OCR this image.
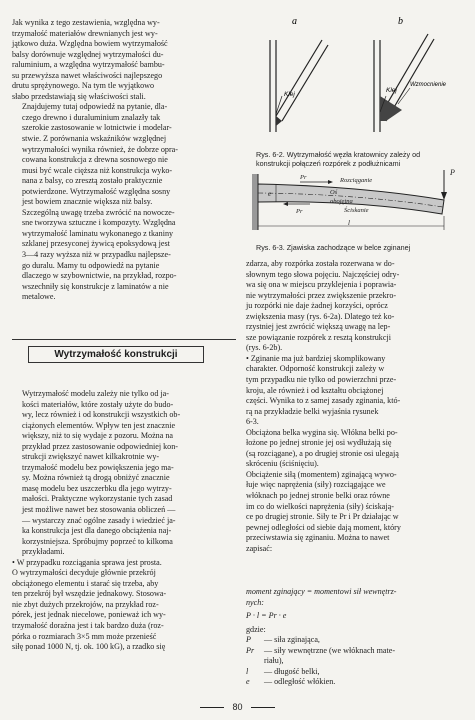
Jak wynika z tego zestawienia, względna wy-
trzymałość materiałów drewnianych jest wy-
jątkowo duża. Względna bowiem wytrzymałość
balsy dorównuje względnej wytrzymałości du-
raluminium, a względna wytrzymałość bambu-
su przewyższa nawet właściwości najlepszego
drutu sprężynowego. Na tym tle wyjątkowo
słabo przedstawiają się właściwości stali.

Znajdujemy tutaj odpowiedź na pytanie, dla-
czego drewno i duraluminium znalazły tak
szerokie zastosowanie w lotnictwie i modelar-
stwie. Z porównania wskaźników względnej
wytrzymałości wynika również, że dobrze opra-
cowana konstrukcja z drewna sosnowego nie
musi być wcale cięższa niż konstrukcja wyko-
nana z balsy, co zresztą zostało praktycznie
potwierdzone. Wytrzymałość względna sosny
jest bowiem znacznie większa niż balsy.

Szczególną uwagę trzeba zwrócić na nowocze-
sne tworzywa sztuczne i kompozyty. Względna
wytrzymałość laminatu wykonanego z tkaniny
szklanej przesyconej żywicą epoksydową jest
3—4 razy wyższa niż w przypadku najlepsze-
go duralu. Mamy tu odpowiedź na pytanie
dlaczego w szybownictwie, na przykład, rozpo-
wszechniły się konstrukcje z laminatów a nie
metalowe.

Wytrzymałość konstrukcji

Wytrzymałość modelu zależy nie tylko od ja-
kości materiałów, które zostały użyte do budo-
wy, lecz również i od konstrukcji wszystkich ob-
ciążonych elementów. Wpływ ten jest znacznie
większy, niż to się wydaje z pozoru. Można na
przykład przez zastosowanie odpowiedniej kon-
strukcji zwiększyć nawet kilkakrotnie wy-
trzymałość modelu bez powiększenia jego ma-
sy. Można również tą drogą obniżyć znacznie
masę modelu bez uszczerbku dla jego wytrzy-
małości. Praktyczne wykorzystanie tych zasad
jest możliwe nawet bez stosowania obliczeń —
— wystarczy znać ogólne zasady i wiedzieć ja-
ka konstrukcja jest dla danego obciążenia naj-
korzystniejsza. Spróbujmy poprzeć to kilkoma
przykładami.

• W przypadku rozciągania sprawa jest prosta.
O wytrzymałości decyduje głównie przekrój
obciążonego elementu i starać się trzeba, aby
ten przekrój był wszędzie jednakowy. Stosowa-
nie zbyt dużych przekrojów, na przykład roz-
pórek, jest jednak niecelowe, ponieważ ich wy-
trzymałość doraźna jest i tak bardzo duża (roz-
pórka o rozmiarach 3×5 mm może przenieść
siłę ponad 1000 N, tj. ok. 100 kG), a rzadko się

a
Klej
b
Klej
Wzmocnienie
Rys. 6-2. Wytrzymałość węzła kratownicy zależy od
konstrukcji połączeń rozpórek z podłużnicami
Rozciąganie
Oś obojętna
Ściskanie
P
Pr
Pr
e
l
Rys. 6-3. Zjawiska zachodzące w belce zginanej

zdarza, aby rozpórka została rozerwana w do-
słownym tego słowa pojęciu. Najczęściej odry-
wa się ona w miejscu przyklejenia i poprawia-
nie wytrzymałości przez zwiększenie przekro-
ju rozpórki nie daje żadnej korzyści, oprócz
zwiększenia masy (rys. 6-2a). Dlatego też ko-
rzystniej jest zwrócić większą uwagę na lep-
sze powiązanie rozpórek z resztą konstrukcji
(rys. 6-2b).

• Zginanie ma już bardziej skomplikowany
charakter. Odporność konstrukcji zależy w
tym przypadku nie tylko od powierzchni prze-
kroju, ale również i od kształtu obciążonej
części. Wynika to z samej zasady zginania, któ-
rą na przykładzie belki wyjaśnia rysunek
6-3.

Obciążona belka wygina się. Włókna belki po-
łożone po jednej stronie jej osi wydłużają się
(są rozciągane), a po drugiej stronie osi ulegają
skróceniu (ściśnięciu).

Obciążenie siłą (momentem) zginającą wywo-
łuje więc naprężenia (siły) rozciągające we
włóknach po jednej stronie belki oraz równe
im co do wielkości naprężenia (siły) ściskają-
ce po drugiej stronie. Siły te Pr i Pr działając w
pewnej odległości od siebie dają moment, który
przeciwstawia się zginaniu. Można to nawet
zapisać:

moment zginający = momentowi sił wewnętrz-
nych:
P · l = Pr · e
gdzie:
P — siła zginająca,
Pr — siły wewnętrzne (we włóknach mate-
riału),
l — długość belki,
e — odległość włókien.
80
